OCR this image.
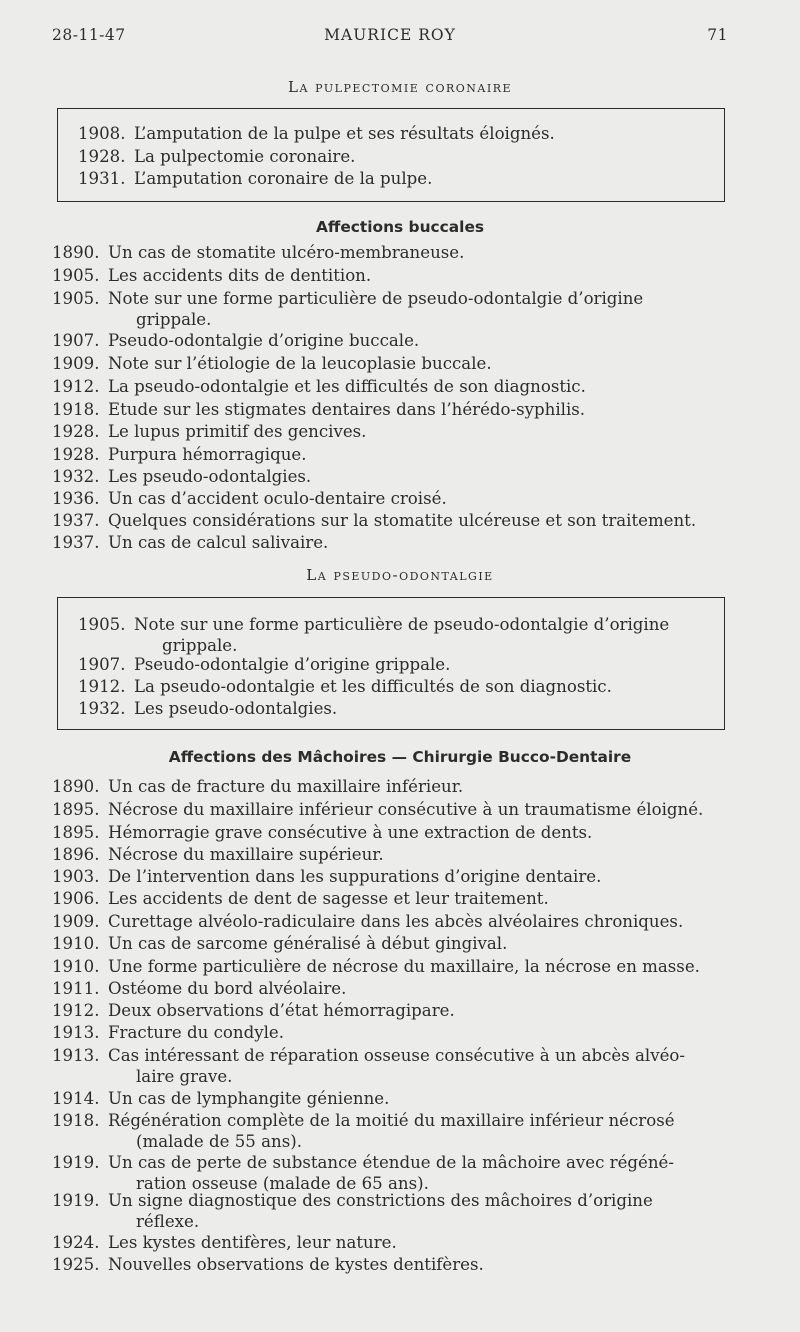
28-11-47	MAURICE ROY	71
La pulpectomie coronaire
1908. L’amputation de la pulpe et ses résultats éloignés.
1928. La pulpectomie coronaire.
1931. L’amputation coronaire de la pulpe.
Affections buccales
1890. Un cas de stomatite ulcéro-membraneuse.
1905. Les accidents dits de dentition.
1905. Note sur une forme particulière de pseudo-odontalgie d’origine
grippale.
1907. Pseudo-odontalgie d’origine buccale.
1909. Note sur l’étiologie de la leucoplasie buccale.
1912. La pseudo-odontalgie et les difficultés de son diagnostic.
1918. Etude sur les stigmates dentaires dans l’hérédo-syphilis.
1928. Le lupus primitif des gencives.
1928. Purpura hémorragique.
1932. Les pseudo-odontalgies.
1936. Un cas d’accident oculo-dentaire croisé.
1937. Quelques considérations sur la stomatite ulcéreuse et son traitement.
1937. Un cas de calcul salivaire.
La pseudo-odontalgie
1905. Note sur une forme particulière de pseudo-odontalgie d’origine
grippale.
1907. Pseudo-odontalgie d’origine grippale.
1912. La pseudo-odontalgie et les difficultés de son diagnostic.
1932. Les pseudo-odontalgies.
Affections des Mâchoires — Chirurgie Bucco-Dentaire
1890. Un cas de fracture du maxillaire inférieur.
1895. Nécrose du maxillaire inférieur consécutive à un traumatisme éloigné.
1895. Hémorragie grave consécutive à une extraction de dents.
1896. Nécrose du maxillaire supérieur.
1903. De l’intervention dans les suppurations d’origine dentaire.
1906. Les accidents de dent de sagesse et leur traitement.
1909. Curettage alvéolo-radiculaire dans les abcès alvéolaires chroniques.
1910. Un cas de sarcome généralisé à début gingival.
1910. Une forme particulière de nécrose du maxillaire, la nécrose en masse.
1911. Ostéome du bord alvéolaire.
1912. Deux observations d’état hémorragipare.
1913. Fracture du condyle.
1913. Cas intéressant de réparation osseuse consécutive à un abcès alvéo-
laire grave.
1914. Un cas de lymphangite génienne.
1918. Régénération complète de la moitié du maxillaire inférieur nécrosé
(malade de 55 ans).
1919. Un cas de perte de substance étendue de la mâchoire avec régéné-
ration osseuse (malade de 65 ans).
1919. Un signe diagnostique des constrictions des mâchoires d’origine
réflexe.
1924. Les kystes dentifères, leur nature.
1925. Nouvelles observations de kystes dentifères.
